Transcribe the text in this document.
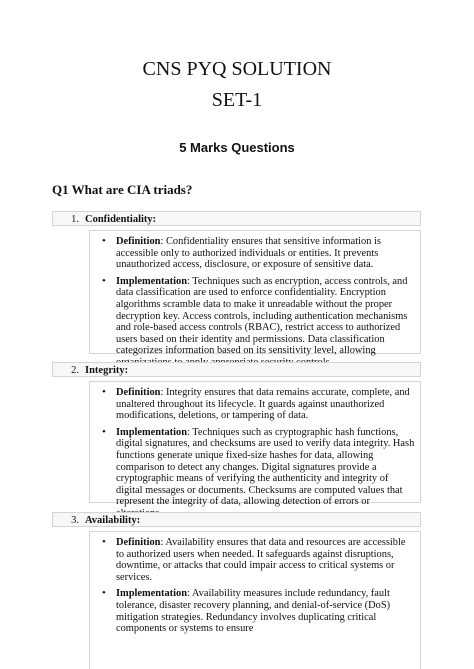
CNS PYQ SOLUTION
SET-1
5 Marks Questions
Q1 What are CIA triads?
1. Confidentiality:
• Definition: Confidentiality ensures that sensitive information is accessible only to authorized individuals or entities. It prevents unauthorized access, disclosure, or exposure of sensitive data.
• Implementation: Techniques such as encryption, access controls, and data classification are used to enforce confidentiality. Encryption algorithms scramble data to make it unreadable without the proper decryption key. Access controls, including authentication mechanisms and role-based access controls (RBAC), restrict access to authorized users based on their identity and permissions. Data classification categorizes information based on its sensitivity level, allowing
2. Integrity:
• Definition: Integrity ensures that data remains accurate, complete, and unaltered throughout its lifecycle. It guards against unauthorized modifications, deletions, or tampering of data.
• Implementation: Techniques such as cryptographic hash functions, digital signatures, and checksums are used to verify data integrity. Hash functions generate unique fixed-size hashes for data, allowing comparison to detect any changes. Digital signatures provide a cryptographic means of verifying the authenticity and integrity of digital messages or documents. Checksums are computed values that represent the integrity of data, allowing detection of errors or
3. Availability:
• Definition: Availability ensures that data and resources are accessible to authorized users when needed. It safeguards against disruptions, downtime, or attacks that could impair access to critical systems or services.
• Implementation: Availability measures include redundancy, fault tolerance, disaster recovery planning, and denial-of-service (DoS) mitigation strategies. Redundancy involves duplicating critical components or systems to ensure
